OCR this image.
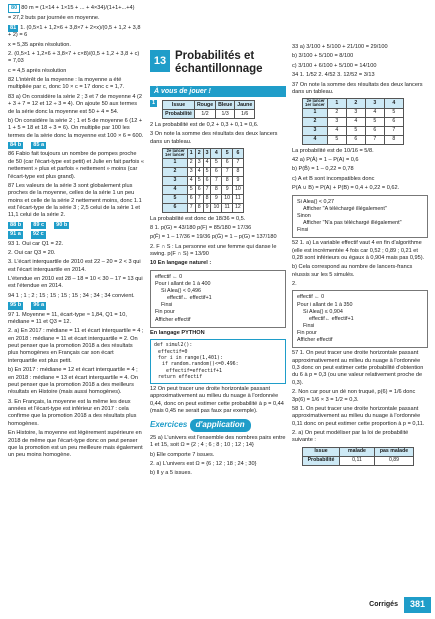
80 80 m = (1×14 + 1×15 + ... + 4×34)/(1+1+...+4)

= 27,2 buts par journée en moyenne.

81 1. (0,5×1 + 1,2×6 + 3,8×7 + 2×x)/(0,5 + 1,2 + 3,8 + 2) = 6

x = 5,35 après résolution.

2. (0,5×1 + 1,2×6 + 3,8×7 + c×8)/(0,5 + 1,2 + 3,8 + c) = 7,03

c = 4,5 après résolution

82 L'intérêt de la moyenne : la moyenne a été multipliée par c, donc 10 × c = 17 donc c = 1,7.

83 a) On considère la série 2 ; 3 et 7 de moyenne 4 (2 + 3 + 7 = 12 et 12 ÷ 3 = 4). On ajoute 50 aux termes de la série donc la moyenne est 50 + 4 = 54.

b) On considère la série 2 ; 1 et 5 de moyenne 6 (12 + 1 + 5 = 18 et 18 ÷ 3 = 6). On multiplie par 100 les termes de la série donc la moyenne est 100 × 6 = 600.

84 b	85 a

86 Fabio fait toujours un nombre de pompes proche de 50 (car l'écart-type est petit) et Julie en fait parfois « nettement » plus et parfois « nettement » moins (car l'écart-type est plus grand).

87 Les valeurs de la série 3 sont globalement plus proches de la moyenne, celles de la série 1 un peu moins et celle de la série 2 nettement moins, donc 1.1 est l'écart-type de la série 3 ; 2,5 celui de la série 1 et 11,1 celui de la série 2.

88 b	89 c	90 b
91 a	92 c

93 1. Oui car Q1 = 22.

2. Oui car Q3 = 20.

3. L'écart interquartile de 2010 est 22 – 20 = 2 < 3 qui est l'écart interquartile en 2014.

L'étendue en 2010 est 28 – 18 = 10 < 30 – 17 = 13 qui est l'étendue en 2014.

94 1 ; 1 ; 2 ; 15 ; 15 ; 15 ; 15 ; 34 ; 34 ; 34 convient.

95 b	96 a

97 1. Moyenne = 11, écart-type ≈ 1,84, Q1 = 10, médiane = 11 et Q3 = 12.

2. a) En 2017 : médiane = 11 et écart interquartile = 4 ; en 2018 : médiane = 11 et écart interquartile = 2. On peut penser que la promotion 2018 a des résultats plus homogènes en Français car son écart interquartile est plus petit.

b) En 2017 : médiane = 12 et écart interquartile = 4 ; en 2018 : médiane = 13 et écart interquartile = 4. On peut penser que la promotion 2018 a des meilleurs résultats en Histoire (mais aussi homogènes).

3. En Français, la moyenne est la même les deux années et l'écart-type est inférieur en 2017 : cela confirme que la promotion 2018 a des résultats plus homogènes.

En Histoire, la moyenne est légèrement supérieure en 2018 de même que l'écart-type donc on peut penser que la promotion est un peu meilleure mais également un peu moins homogène.

13 Probabilités et
échantillonnage
À vous de jouer !
1	Issue	Rouge	Bleue	Jaune
Probabilité	1/2	1/3	1/6

2 La probabilité est de 0,2 + 0,3 + 0,1 = 0,6.

3 On note la somme des résultats des deux lancers dans un tableau.

2e lancer
1er lancer	1	2	3	4	5	6
1	2	3	4	5	6	7
2	3	4	5	6	7	8
3	4	5	6	7	8	9
4	5	6	7	8	9	10
5	6	7	8	9	10	11
6	7	8	9	10	11	12

La probabilité est donc de 18/36 = 0,5.

8 1. p(G) = 43/180 p(F) = 85/180 = 17/36

p(F̄) = 1 – 17/36 = 19/36 p(Ḡ) = 1 – p(G) = 137/180

2. F ∩ S : La personne est une femme qui danse le swing. p(F ∩ S) = 13/90

10 En langage naturel :

effectif ← 0
Pour i allant de 1 à 400
Si Alea() < 0,496
effectif← effectif+1
Finsi
Fin pour
Afficher effectif

En langage PYTHON

def simul2():
effectif=0
for i in range(1,401):
if random.random()<=0.496:
effectif=effectif+1
return effectif

12 On peut tracer une droite horizontale passant approximativement au milieu du nuage à l'ordonnée 0,44, donc on peut estimer cette probabilité à p = 0,44 (mais 0,45 ne serait pas faux par exemple).

Exercices d'application

25 a) L'univers est l'ensemble des nombres pairs entre 1 et 15, soit Ω = {2 ; 4 ; 6 ; 8 ; 10 ; 12 ; 14}

b) Elle comporte 7 issues.

2. a) L'univers est Ω = {6 ; 12 ; 18 ; 24 ; 30}

b) Il y a 5 issues.

33 a) 3/100 + 5/100 + 21/100 = 29/100

b) 3/100 + 5/100 = 8/100

c) 3/100 + 6/100 + 5/100 = 14/100

34 1. 1/52 2. 4/52 3. 12/52 = 3/13

37 On note la somme des résultats des deux lancers dans un tableau.

2e lancer
1er lancer	1	2	3	4
1	2	3	4	5
2	3	4	5	6
3	4	5	6	7
4	5	6	7	8

La probabilité est de 10/16 = 5/8.

42 a) P(Ā) = 1 – P(A) = 0,6

b) P(B̄) = 1 – 0,22 = 0,78

c) A et B sont incompatibles donc

P(A ∪ B) = P(A) + P(B) = 0,4 + 0,22 = 0,62.

Si Alea() < 0,27
Afficher "A téléchargé illégalement"
Sinon
Afficher "N'a pas téléchargé illégalement"
Finsi

52 1. a) La variable effectif vaut 4 en fin d'algorithme (elle est incrémentée 4 fois car 0,52 ; 0,89 ; 0,21 et 0,28 sont inférieurs ou égaux à 0,904 mais pas 0,95).

b) Cela correspond au nombre de lancers-francs réussis sur les 5 simulés.

2.

effectif ← 0
Pour i allant de 1 à 350
Si Alea() ≤ 0,904
effectif← effectif+1
Finsi
Fin pour
Afficher effectif

57 1. On peut tracer une droite horizontale passant approximativement au milieu du nuage à l'ordonnée 0,3 donc on peut estimer cette probabilité d'obtention du 6 à p = 0,3 (ou une valeur relativement proche de 0,3).

2. Non car pour un dé non truqué, p(6) = 1/6 donc 3p(6) = 1/6 × 3 = 1/2 = 0,3.

58 1. On peut tracer une droite horizontale passant approximativement au milieu du nuage à l'ordonnée 0,11 donc on peut estimer cette proportion à p = 0,11.

2. a) On peut modéliser par la loi de probabilité suivante :

Issue	malade	pas malade
Probabilité	0,11	0,89
Corrigés	381
